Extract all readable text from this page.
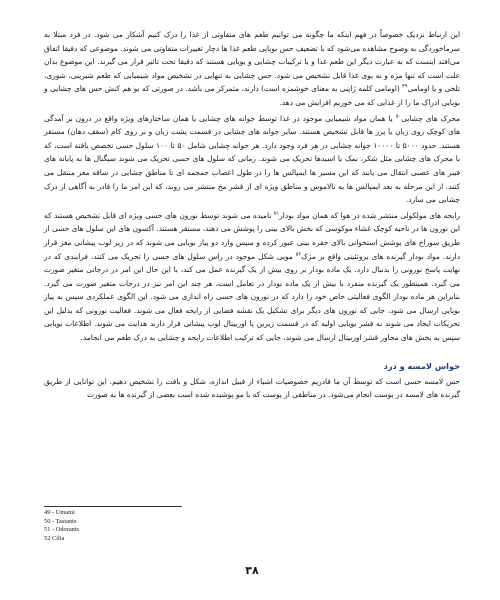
این ارتباط نزدیک خصوصاً در فهم اینکه ما چگونه می توانیم طعم های متفاوتی از غذا را درک کنیم آشکار می شود. در فرد مبتلا به سرماخوردگی به وضوح مشاهده می‌شود که با تضعیف حس بویایی طعم غذا ها دچار تغییرات متفاوتی می شوند. موضوعی که دقیقا اتفاق می‌افتد اینست که به عبارت دیگر این طعم غذا و یا ترکیبات چشایی و بویایی هستند که دقیقا تحت تاثیر قرار می گیرند. این موضوع بدان علت است که تنها مزه و نه بوی غذا قابل تشخیص می شود. حس چشایی به تنهایی در تشخیص مواد شیمیایی که طعم شیرینی، شوری، تلخی و یا اومامی$^{۴۹}$ (اومامی کلمه ژاپنی به معنای خوشمزه است) دارند، متمرکز می باشد. در صورتی که بو هم کنش حس های چشایی و بویایی ادراک ما را از غذایی که می خوریم افزایش می دهد.

محرک های چشایی$^{۵۰}$ یا همان مواد شیمیایی موجود در غذا توسط جوانه های چشایی یا همان ساختارهای ویژه واقع در درون بر آمدگی های کوچک روی زبان یا پرز ها قابل تشخیص هستند. سایر جوانه های چشایی در قسمت پشت زبان و بر روی کام (سقف دهان) مستقر هستند. حدود ۵۰۰۰ تا ۱۰۰۰۰ جوانه چشایی در هر فرد وجود دارد. هر جوانه چشایی شامل ۵۰ تا ۱۰۰ سلول حسی تخصص یافته است، که با محرک های چشایی مثل شکر، نمک یا اسیدها تحریک می شوند. زمانی که سلول های حسی تحریک می شوند سیگنال ها به پایانه های فیبر های عصبی انتقال می یابند که این مسیر ها ایمپالس ها را در طول اعصاب جمجمه ای تا مناطق چشایی در ساقه مغز منتقل می کنند. از این مرحله به بعد ایمپالس ها به تالاموس و مناطق ویژه ای از قشر مخ منتشر می روند، که این امر ما را قادر به آگاهی از درک چشایی می سازد.

رایحه های مولکولی منتشر شده در هوا که همان مواد بودار$^{۵۱}$ نامیده می شوند توسط نورون های حسی ویژه ای قابل تشخیص هستند که این نورون ها در ناحیه کوچک غشاء موکوسی که بخش بالای بینی را پوشش می دهند، مستقر هستند. آکسون های این سلول های حسی از طریق سوراخ های پوشش استخوانی بالای حفره بینی عبور کرده و سپس وارد دو پیاز بویایی می شوند که در زیر لوب پیشانی مغز قرار دارند. مواد بودار گیرنده های پروتئینی واقع بر مژک$^{۵۲}$ مویی شکل موجود در راس سلول های حسی را تحریک می کنند، فرایندی که در نهایت پاسخ نورونی را بدنبال دارد. یک ماده بودار بر روی بیش از یک گیرنده عمل می کند، با این حال این امر در درجاتی متغیر صورت می گیرد. همینطور یک گیرنده منفرد با بیش از یک ماده بودار در تعامل است، هر چند این امر نیز در درجات متغیر صورت می گیرد. بنابراین هر ماده بودار الگوی فعالیتی خاص خود را دارد که در نورون های حسی راه اندازی می شود. این الگوی عملکردی سپس به پیاز بویایی ارسال می شود، جایی که نورون های دیگر برای تشکیل یک نقشه فضایی از رایحه فعال می شوند. فعالیت نورونی که بدلیل این تحریکات ایجاد می شوند به قشر بویایی اولیه که در قسمت زیرین پا اوربیتال لوب پیشانی قرار دارند هدایت می شوند. اطلاعات بویایی سپس به بخش های مجاور قشر اوربیتال ارسال می شوند، جایی که ترکیب اطلاعات رایحه و چشایی به درک طعم می انجامد.

حواس لامسه و درد

حس لامسه حسی است که توسط آن ما قادریم خصوصیات اشیاء از قبیل اندازه، شکل و بافت را تشخیص دهیم. این توانایی از طریق گیرنده های لامسه در پوست انجام می‌شود. در مناطقی از پوست که با مو پوشیده شده است بعضی از گیرنده ها به صورت

49 - Umami
50 - Tastants
51 - Odorants
52 Cilia
۳۸
